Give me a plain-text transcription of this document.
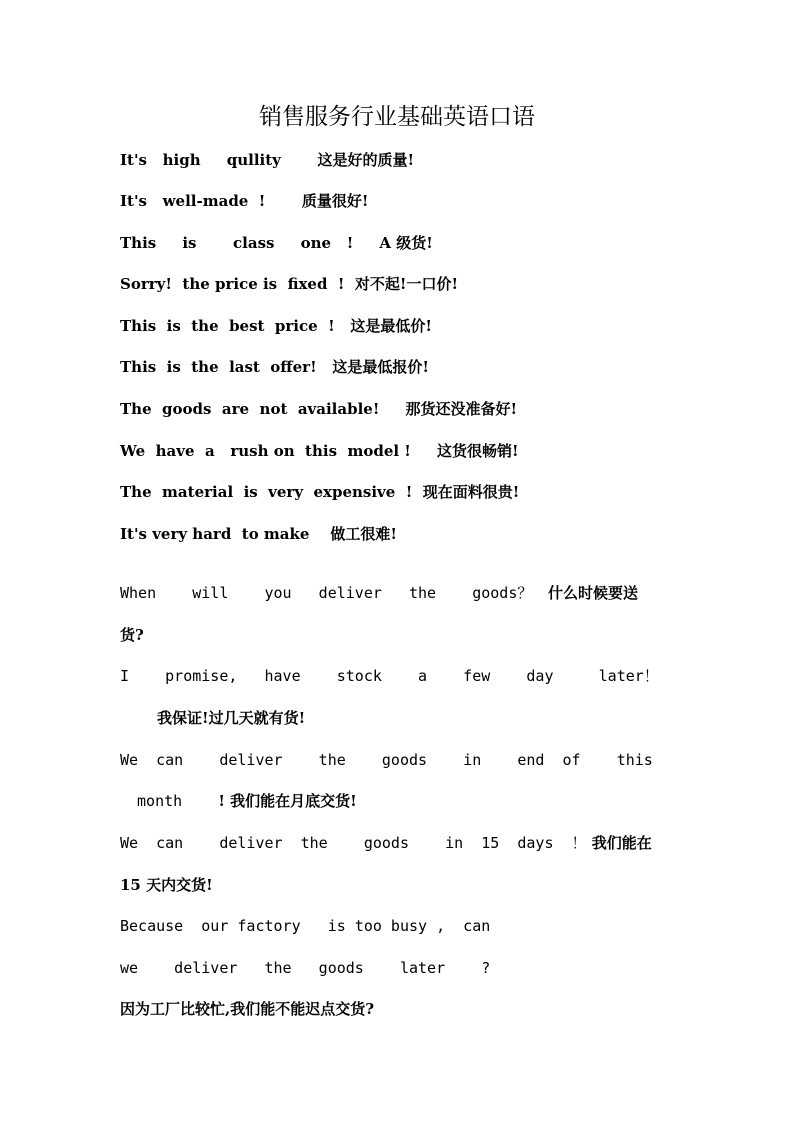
销售服务行业基础英语口语
It's   high     qullity       这是好的质量!
It's   well-made  !       质量很好!
This     is       class     one   !     A 级货!
Sorry!  the price is  fixed  !  对不起!一口价!
This  is  the  best  price  !   这是最低价!
This  is  the  last  offer!   这是最低报价!
The  goods  are  not  available!     那货还没准备好!
We  have  a   rush on  this  model !     这货很畅销!
The  material  is  very  expensive  !  现在面料很贵!
It's very hard  to make    做工很难!
When    will    you   deliver   the    goods？   什么时候要送
货?
I    promise,   have    stock    a    few    day     later！
我保证!过几天就有货!
We  can    deliver    the    goods    in    end  of    this
month    ! 我们能在月底交货!
We  can    deliver  the    goods    in  15  days  ！ 我们能在
15 天内交货!
Because  our factory   is too busy ,  can
we    deliver   the   goods    later    ?
因为工厂比较忙,我们能不能迟点交货?
